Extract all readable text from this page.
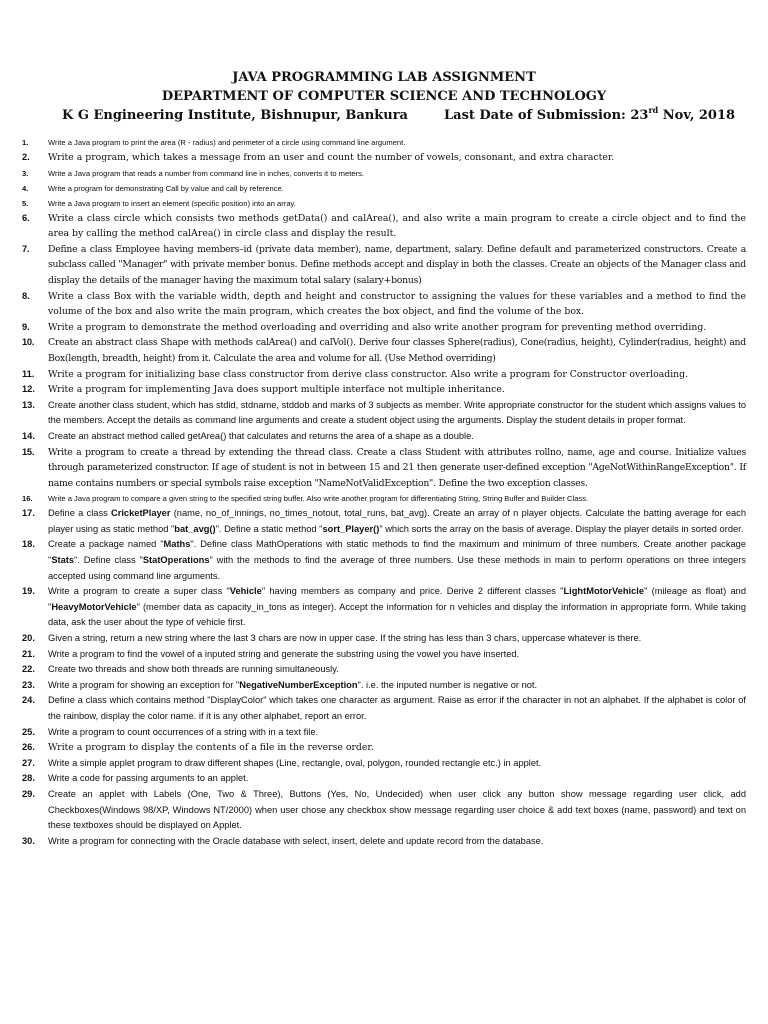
JAVA PROGRAMMING LAB ASSIGNMENT
DEPARTMENT OF COMPUTER SCIENCE AND TECHNOLOGY
K G Engineering Institute, Bishnupur, Bankura	Last Date of Submission: 23rd Nov, 2018
1.	Write a Java program to print the area (R - radius) and perimeter of a circle using command line argument.
2.	Write a program, which takes a message from an user and count the number of vowels, consonant, and extra character.
3.	Write a Java program that reads a number from command line in inches, converts it to meters.
4.	Write a program for demonstrating Call by value and call by reference.
5.	Write a Java program to insert an element (specific position) into an array.
6.	Write a class circle which consists two methods getData() and calArea(), and also write a main program to create a circle object and to find the area by calling the method calArea() in circle class and display the result.
7.	Define a class Employee having members–id (private data member), name, department, salary. Define default and parameterized constructors. Create a subclass called "Manager" with private member bonus. Define methods accept and display in both the classes. Create an objects of the Manager class and display the details of the manager having the maximum total salary (salary+bonus)
8.	Write a class Box with the variable width, depth and height and constructor to assigning the values for these variables and a method to find the volume of the box and also write the main program, which creates the box object, and find the volume of the box.
9.	Write a program to demonstrate the method overloading and overriding and also write another program for preventing method overriding.
10.	Create an abstract class Shape with methods calArea() and calVol(). Derive four classes Sphere(radius), Cone(radius, height), Cylinder(radius, height) and Box(length, breadth, height) from it. Calculate the area and volume for all. (Use Method overriding)
11.	Write a program for initializing base class constructor from derive class constructor. Also write a program for Constructor overloading.
12.	Write a program for implementing Java does support multiple interface not multiple inheritance.
13.	Create another class student, which has stdid, stdname, stddob and marks of 3 subjects as member. Write appropriate constructor for the student which assigns values to the members. Accept the details as command line arguments and create a student object using the arguments. Display the student details in proper format.
14.	Create an abstract method called getArea() that calculates and returns the area of a shape as a double.
15.	Write a program to create a thread by extending the thread class. Create a class Student with attributes rollno, name, age and course. Initialize values through parameterized constructor. If age of student is not in between 15 and 21 then generate user-defined exception "AgeNotWithinRangeException". If name contains numbers or special symbols raise exception "NameNotValidException". Define the two exception classes.
16.	Write a Java program to compare a given string to the specified string buffer. Also write another program for differentiating String, String Buffer and Builder Class.
17.	Define a class CricketPlayer (name, no_of_innings, no_times_notout, total_runs, bat_avg). Create an array of n player objects. Calculate the batting average for each player using as static method "bat_avg()". Define a static method "sort_Player()" which sorts the array on the basis of average. Display the player details in sorted order.
18.	Create a package named "Maths". Define class MathOperations with static methods to find the maximum and minimum of three numbers. Create another package "Stats". Define class "StatOperations" with the methods to find the average of three numbers. Use these methods in main to perform operations on three integers accepted using command line arguments.
19.	Write a program to create a super class "Vehicle" having members as company and price. Derive 2 different classes "LightMotorVehicle" (mileage as float) and "HeavyMotorVehicle" (member data as capacity_in_tons as integer). Accept the information for n vehicles and display the information in appropriate form. While taking data, ask the user about the type of vehicle first.
20.	Given a string, return a new string where the last 3 chars are now in upper case. If the string has less than 3 chars, uppercase whatever is there.
21.	Write a program to find the vowel of a inputed string and generate the substring using the vowel you have inserted.
22.	Create two threads and show both threads are running simultaneously.
23.	Write a program for showing an exception for "NegativeNumberException". i.e. the inputed number is negative or not.
24.	Define a class which contains method "DisplayColor" which takes one character as argument. Raise as error if the character in not an alphabet. If the alphabet is color of the rainbow, display the color name. if it is any other alphabet, report an error.
25.	Write a program to count occurrences of a string with in a text file.
26.	Write a program to display the contents of a file in the reverse order.
27.	Write a simple applet program to draw different shapes (Line, rectangle, oval, polygon, rounded rectangle etc.) in applet.
28.	Write a code for passing arguments to an applet.
29.	Create an applet with Labels (One, Two & Three), Buttons (Yes, No, Undecided) when user click any button show message regarding user click, add Checkboxes(Windows 98/XP, Windows NT/2000) when user chose any checkbox show message regarding user choice & add text boxes (name, password) and text on these textboxes should be displayed on Applet.
30.	Write a program for connecting with the Oracle database with select, insert, delete and update record from the database.
